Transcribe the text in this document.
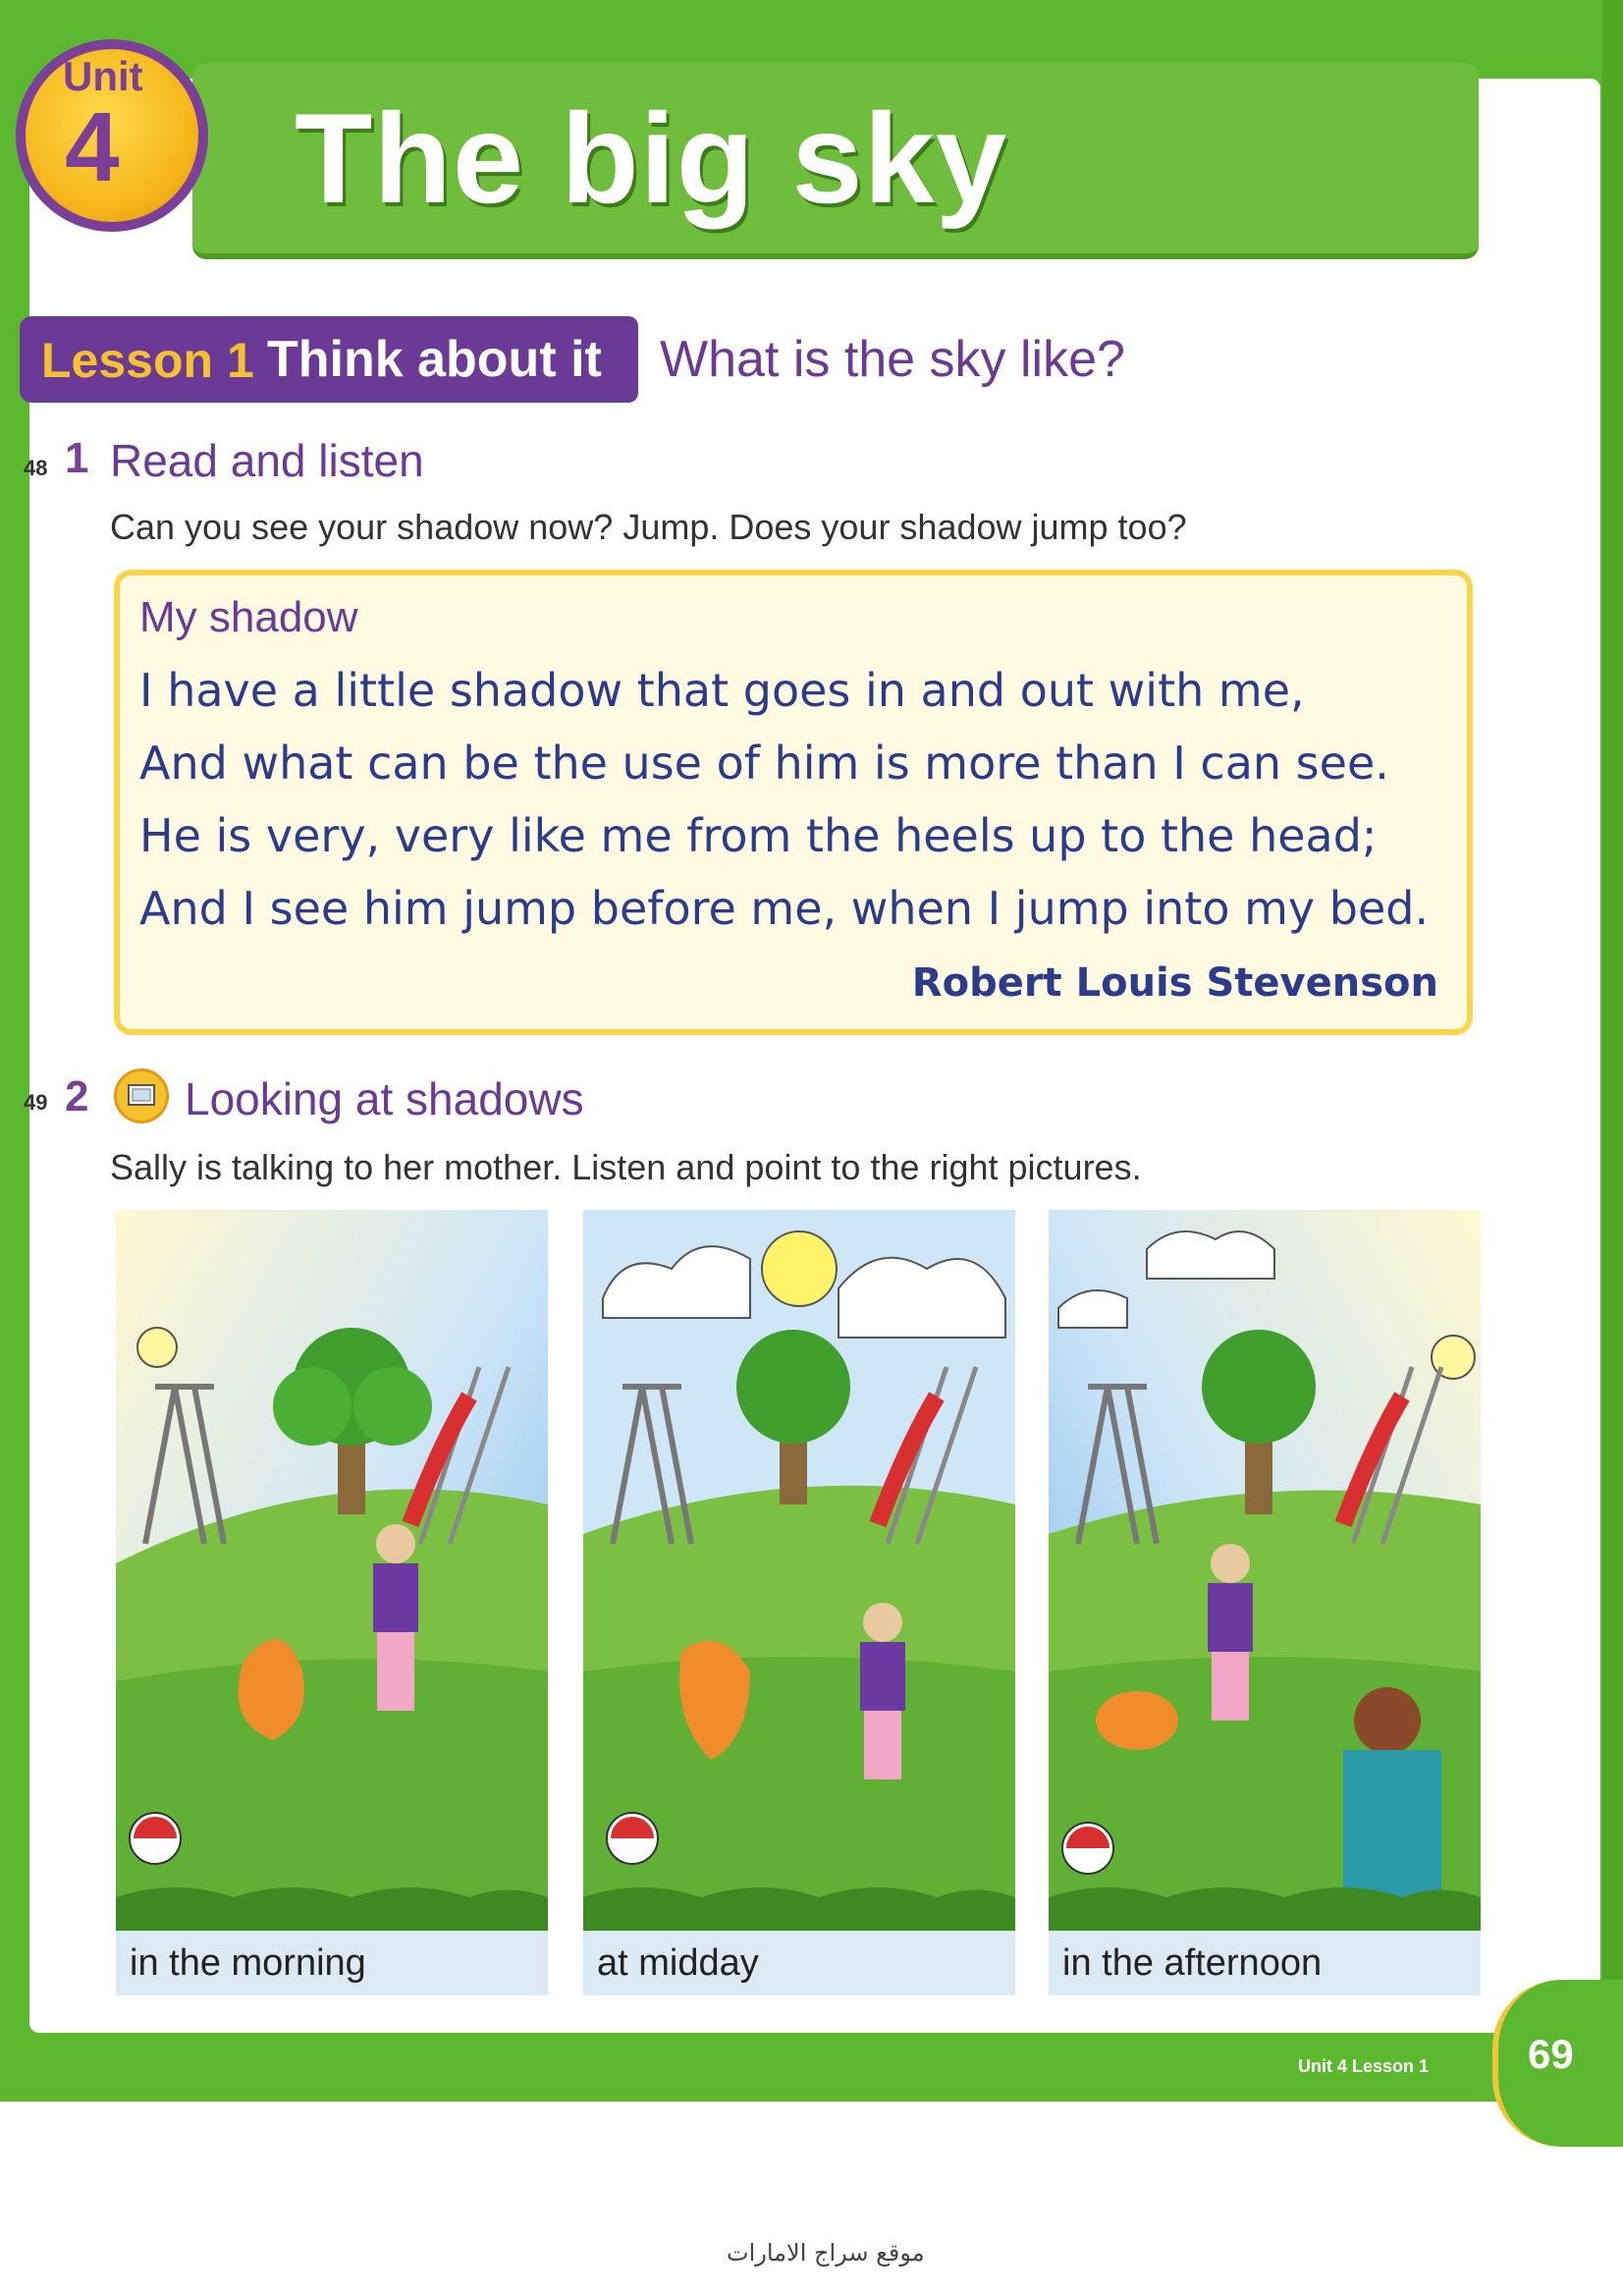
The big sky
Unit
4
Lesson 1 Think about it What is the sky like?
48 1 Read and listen
Can you see your shadow now? Jump. Does your shadow jump too?
My shadow
I have a little shadow that goes in and out with me,
And what can be the use of him is more than I can see.
He is very, very like me from the heels up to the head;
And I see him jump before me, when I jump into my bed.
Robert Louis Stevenson
49 2 Looking at shadows
Sally is talking to her mother. Listen and point to the right pictures.
in the morning	at midday	in the afternoon
Unit 4 Lesson 1 69
موقع سراج الامارات
